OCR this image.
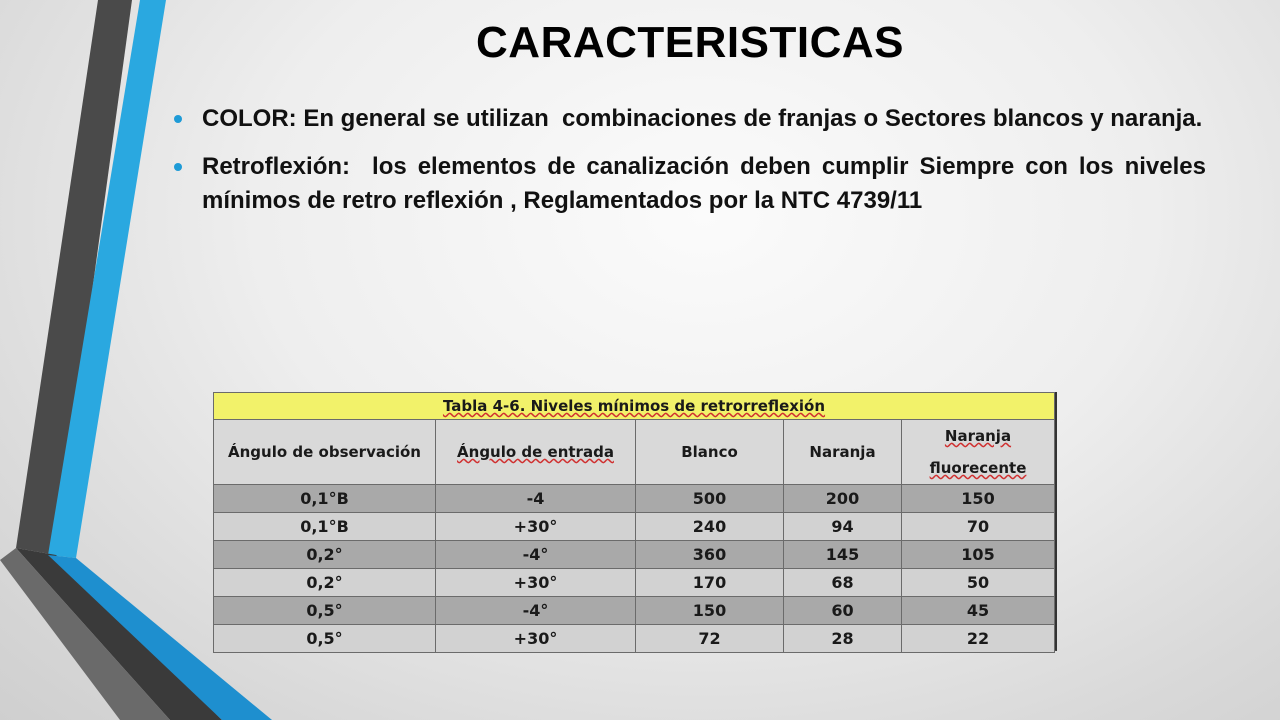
CARACTERISTICAS
COLOR: En general se utilizan  combinaciones de franjas o Sectores blancos y naranja.
Retroflexión:  los elementos de canalización deben cumplir Siempre con los niveles mínimos de retro reflexión , Reglamentados por la NTC 4739/11
Tabla 4-6. Niveles mínimos de retrorreflexión				
Ángulo de observación	Ángulo de entrada	Blanco	Naranja	Naranja fluorecente
0,1°B	-4	500	200	150
0,1°B	+30°	240	94	70
0,2°	-4°	360	145	105
0,2°	+30°	170	68	50
0,5°	-4°	150	60	45
0,5°	+30°	72	28	22
